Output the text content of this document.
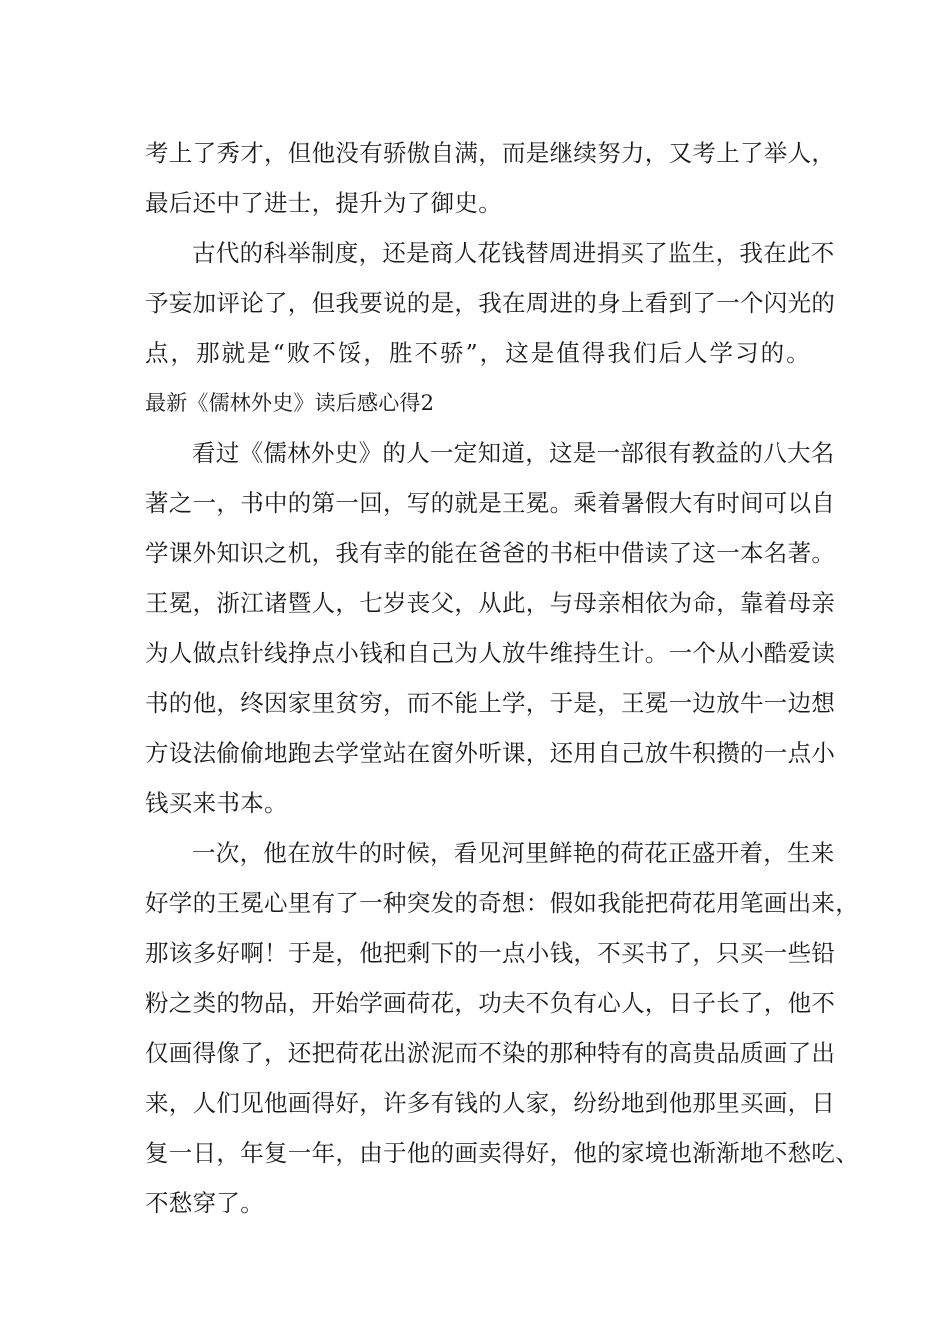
考上了秀才，但他没有骄傲自满，而是继续努力，又考上了举人，
最后还中了进士，提升为了御史。
古代的科举制度，还是商人花钱替周进捐买了监生，我在此不
予妄加评论了，但我要说的是，我在周进的身上看到了一个闪光的
点，那就是“败不馁，胜不骄”，这是值得我们后人学习的。
最新《儒林外史》读后感心得2
看过《儒林外史》的人一定知道，这是一部很有教益的八大名
著之一，书中的第一回，写的就是王冕。乘着暑假大有时间可以自
学课外知识之机，我有幸的能在爸爸的书柜中借读了这一本名著。
王冕，浙江诸暨人，七岁丧父，从此，与母亲相依为命，靠着母亲
为人做点针线挣点小钱和自己为人放牛维持生计。一个从小酷爱读
书的他，终因家里贫穷，而不能上学，于是，王冕一边放牛一边想
方设法偷偷地跑去学堂站在窗外听课，还用自己放牛积攒的一点小
钱买来书本。
一次，他在放牛的时候，看见河里鲜艳的荷花正盛开着，生来
好学的王冕心里有了一种突发的奇想：假如我能把荷花用笔画出来，
那该多好啊！于是，他把剩下的一点小钱，不买书了，只买一些铅
粉之类的物品，开始学画荷花，功夫不负有心人，日子长了，他不
仅画得像了，还把荷花出淤泥而不染的那种特有的高贵品质画了出
来，人们见他画得好，许多有钱的人家，纷纷地到他那里买画，日
复一日，年复一年，由于他的画卖得好，他的家境也渐渐地不愁吃、
不愁穿了。
